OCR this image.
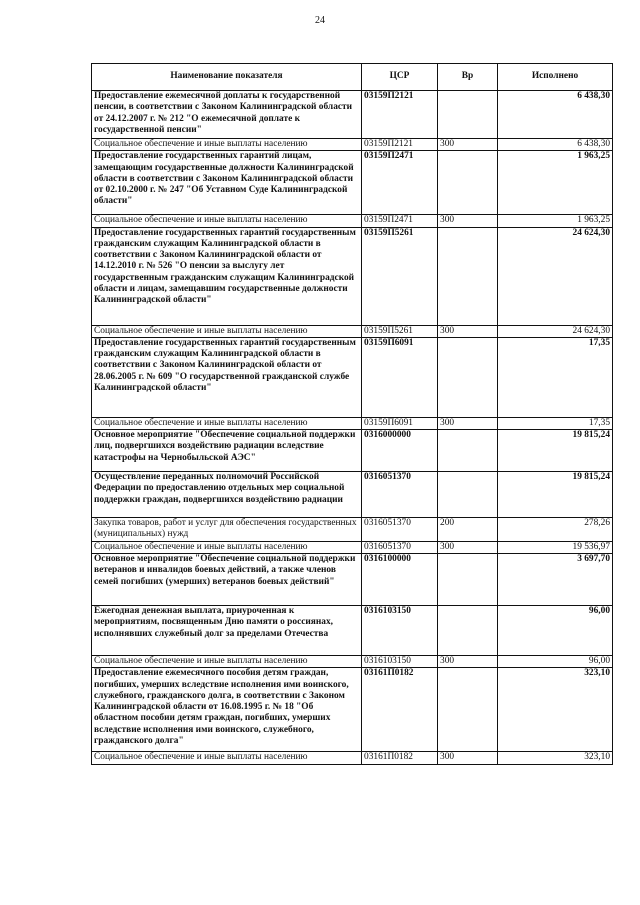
24
Наименование показателя	ЦСР	Вр	Исполнено
Предоставление ежемесячной доплаты к государственной пенсии, в соответствии с Законом Калининградской области от 24.12.2007 г. № 212 "О ежемесячной доплате к государственной пенсии"	03159П2121		6 438,30
Социальное обеспечение и иные выплаты населению	03159П2121	300	6 438,30
Предоставление государственных гарантий лицам, замещающим государственные должности Калининградской области в соответствии с Законом Калининградской области от 02.10.2000 г. № 247 "Об Уставном Суде Калининградской области"	03159П2471		1 963,25
Социальное обеспечение и иные выплаты населению	03159П2471	300	1 963,25
Предоставление государственных гарантий государственным гражданским служащим Калининградской области в соответствии с Законом Калининградской области от 14.12.2010 г. № 526 "О пенсии за выслугу лет государственным гражданским служащим Калининградской области и лицам, замещавшим государственные должности Калининградской области"	03159П5261		24 624,30
Социальное обеспечение и иные выплаты населению	03159П5261	300	24 624,30
Предоставление государственных гарантий государственным гражданским служащим Калининградской области в соответствии с Законом Калининградской области от 28.06.2005 г. № 609 "О государственной гражданской службе Калининградской области"	03159П6091		17,35
Социальное обеспечение и иные выплаты населению	03159П6091	300	17,35
Основное мероприятие "Обеспечение социальной поддержки лиц, подвергшихся воздействию радиации вследствие катастрофы на Чернобыльской АЭС"	0316000000		19 815,24
Осуществление переданных полномочий Российской Федерации по предоставлению отдельных мер социальной поддержки граждан, подвергшихся воздействию радиации	0316051370		19 815,24
Закупка товаров, работ и услуг для обеспечения государственных (муниципальных) нужд	0316051370	200	278,26
Социальное обеспечение и иные выплаты населению	0316051370	300	19 536,97
Основное мероприятие "Обеспечение социальной поддержки ветеранов и инвалидов боевых действий, а также членов семей погибших (умерших) ветеранов боевых действий"	0316100000		3 697,70
Ежегодная денежная выплата, приуроченная к мероприятиям, посвященным Дню памяти о россиянах, исполнявших служебный долг за пределами Отечества	0316103150		96,00
Социальное обеспечение и иные выплаты населению	0316103150	300	96,00
Предоставление ежемесячного пособия детям граждан, погибших, умерших вследствие исполнения ими воинского, служебного, гражданского долга, в соответствии с Законом Калининградской области от 16.08.1995 г. № 18 "Об областном пособии детям граждан, погибших, умерших вследствие исполнения ими воинского, служебного, гражданского долга"	03161П0182		323,10
Социальное обеспечение и иные выплаты населению	03161П0182	300	323,10
